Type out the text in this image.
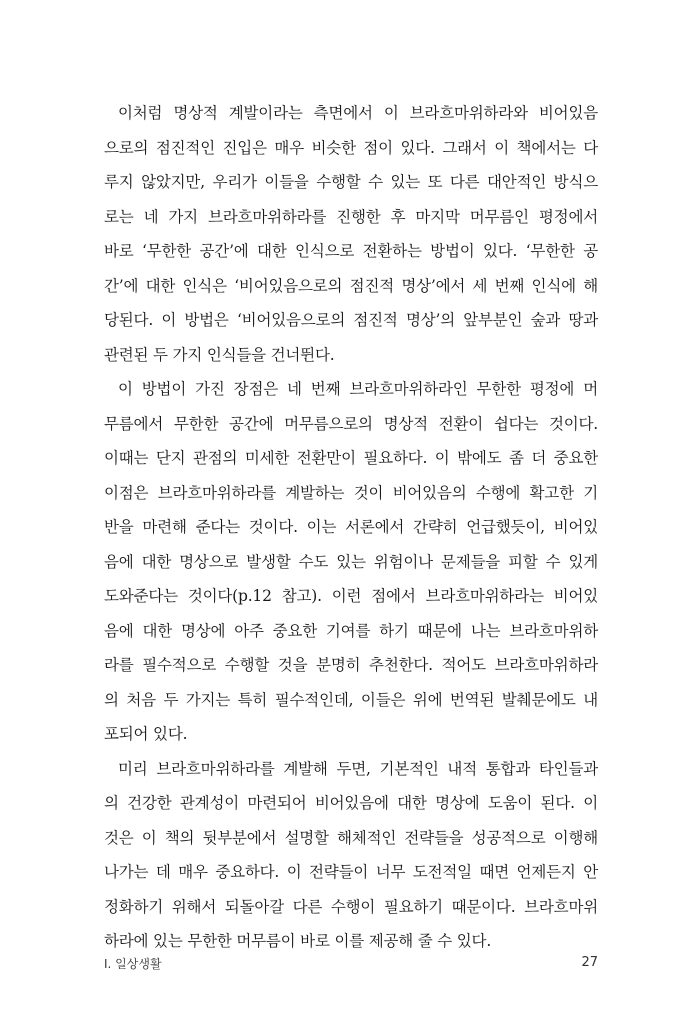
이처럼 명상적 계발이라는 측면에서 이 브라흐마위하라와 비어있음
으로의 점진적인 진입은 매우 비슷한 점이 있다. 그래서 이 책에서는 다
루지 않았지만, 우리가 이들을 수행할 수 있는 또 다른 대안적인 방식으
로는 네 가지 브라흐마위하라를 진행한 후 마지막 머무름인 평정에서
바로 ‘무한한 공간’에 대한 인식으로 전환하는 방법이 있다. ‘무한한 공
간’에 대한 인식은 ‘비어있음으로의 점진적 명상’에서 세 번째 인식에 해
당된다. 이 방법은 ‘비어있음으로의 점진적 명상’의 앞부분인 숲과 땅과
관련된 두 가지 인식들을 건너뛴다.
이 방법이 가진 장점은 네 번째 브라흐마위하라인 무한한 평정에 머
무름에서 무한한 공간에 머무름으로의 명상적 전환이 쉽다는 것이다.
이때는 단지 관점의 미세한 전환만이 필요하다. 이 밖에도 좀 더 중요한
이점은 브라흐마위하라를 계발하는 것이 비어있음의 수행에 확고한 기
반을 마련해 준다는 것이다. 이는 서론에서 간략히 언급했듯이, 비어있
음에 대한 명상으로 발생할 수도 있는 위험이나 문제들을 피할 수 있게
도와준다는 것이다(p.12 참고). 이런 점에서 브라흐마위하라는 비어있
음에 대한 명상에 아주 중요한 기여를 하기 때문에 나는 브라흐마위하
라를 필수적으로 수행할 것을 분명히 추천한다. 적어도 브라흐마위하라
의 처음 두 가지는 특히 필수적인데, 이들은 위에 번역된 발췌문에도 내
포되어 있다.
미리 브라흐마위하라를 계발해 두면, 기본적인 내적 통합과 타인들과
의 건강한 관계성이 마련되어 비어있음에 대한 명상에 도움이 된다. 이
것은 이 책의 뒷부분에서 설명할 해체적인 전략들을 성공적으로 이행해
나가는 데 매우 중요하다. 이 전략들이 너무 도전적일 때면 언제든지 안
정화하기 위해서 되돌아갈 다른 수행이 필요하기 때문이다. 브라흐마위
하라에 있는 무한한 머무름이 바로 이를 제공해 줄 수 있다.
I. 일상생활	27
